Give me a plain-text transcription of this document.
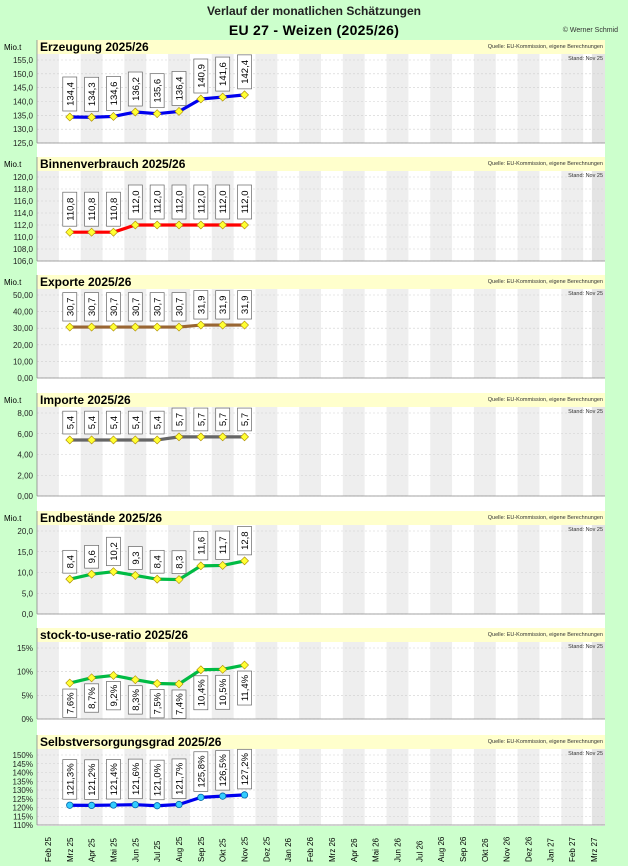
Verlauf der monatlichen Schätzungen
EU 27 - Weizen (2025/26)	© Werner Schmid
125,0
130,0
135,0
140,0
145,0
150,0
155,0
Mio.t Erzeugung 2025/26	Quelle: EU-Kommission, eigene Berechnungen
Stand: Nov 25
134,4 134,3 134,6 136,2 135,6 136,4
140,9 141,6 142,4
106,0
108,0
110,0
112,0
114,0
116,0
118,0
120,0
Mio.t Binnenverbrauch 2025/26	Quelle: EU-Kommission, eigene Berechnungen
Stand: Nov 25
110,8 110,8 110,8 112,0 112,0 112,0 112,0 112,0 112,0
0,00
10,00
20,00
30,00
40,00
50,00
Mio.t Exporte 2025/26	Quelle: EU-Kommission, eigene Berechnungen
Stand: Nov 25
30,7 30,7 30,7 30,7 30,7 30,7 31,9 31,9 31,9
0,00
2,00
4,00
6,00
8,00
Mio.t Importe 2025/26	Quelle: EU-Kommission, eigene Berechnungen
Stand: Nov 25
5,4 5,4 5,4 5,4 5,4 5,7 5,7 5,7 5,7
0,0
5,0
10,0
15,0
20,0
Mio.t Endbestände 2025/26	Quelle: EU-Kommission, eigene Berechnungen
Stand: Nov 25
8,4 9,6 10,2 9,3 8,4 8,3
11,6 11,7 12,8
0%
5%
10%
15%
stock-to-use-ratio 2025/26	Quelle: EU-Kommission, eigene Berechnungen
Stand: Nov 25
7,6% 8,7% 9,2% 8,3% 7,5% 7,4% 10,4% 10,5% 11,4%
110%
115%
120%
125%
130%
135%
140%
145%
150%
Selbstversorgungsgrad 2025/26	Quelle: EU-Kommission, eigene Berechnungen
Stand: Nov 25
121,3% 121,2% 121,4% 121,6% 121,0% 121,7% 125,8% 126,5% 127,2%
Feb 25 Mrz 25 Apr 25 Mai 25 Jun 25 Jul 25 Aug 25 Sep 25 Okt 25 Nov 25 Dez 25 Jan 26 Feb 26 Mrz 26 Apr 26 Mai 26 Jun 26 Jul 26 Aug 26 Sep 26 Okt 26 Nov 26 Dez 26 Jan 27 Feb 27 Mrz 27
